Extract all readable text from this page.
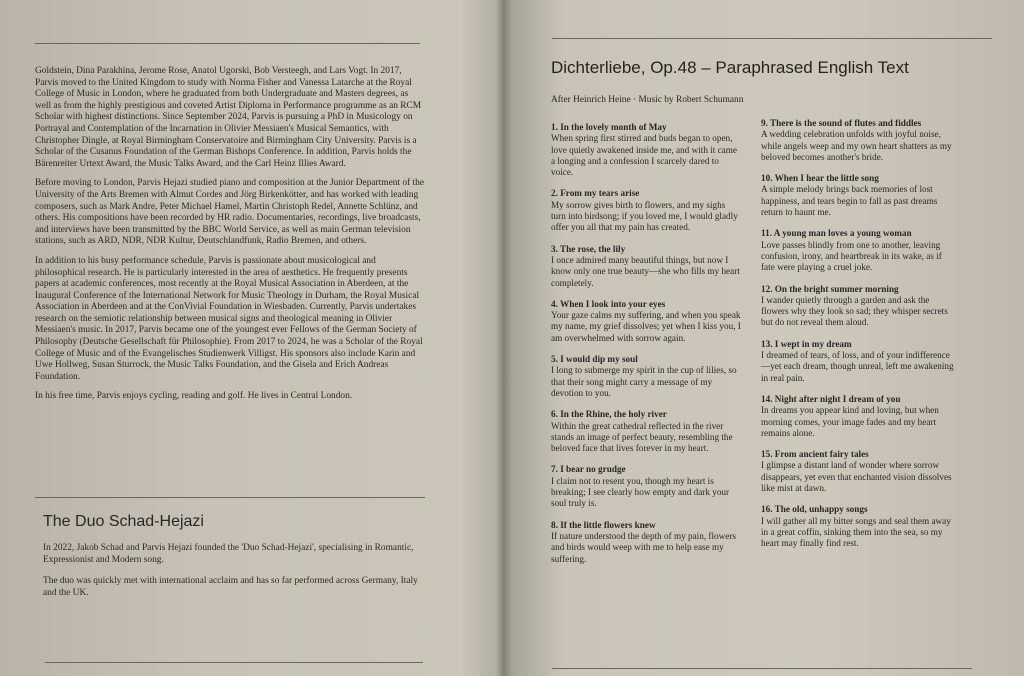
Goldstein, Dina Parakhina, Jerome Rose, Anatol Ugorski, Bob Versteegh, and Lars Vogt. In 2017, Parvis moved to the United Kingdom to study with Norma Fisher and Vanessa Latarche at the Royal College of Music in London, where he graduated from both Undergraduate and Masters degrees, as well as from the highly prestigious and coveted Artist Diploma in Performance programme as an RCM Scholar with highest distinctions. Since September 2024, Parvis is pursuing a PhD in Musicology on Portrayal and Contemplation of the Incarnation in Olivier Messiaen's Musical Semantics, with Christopher Dingle, at Royal Birmingham Conservatoire and Birmingham City University. Parvis is a Scholar of the Cusanus Foundation of the German Bishops Conference. In addition, Parvis holds the Bärenreiter Urtext Award, the Music Talks Award, and the Carl Heinz Illies Award.

Before moving to London, Parvis Hejazi studied piano and composition at the Junior Department of the University of the Arts Bremen with Almut Cordes and Jörg Birkenkötter, and has worked with leading composers, such as Mark Andre, Peter Michael Hamel, Martin Christoph Redel, Annette Schlünz, and others. His compositions have been recorded by HR radio. Documentaries, recordings, live broadcasts, and interviews have been transmitted by the BBC World Service, as well as main German television stations, such as ARD, NDR, NDR Kultur, Deutschlandfunk, Radio Bremen, and others.

In addition to his busy performance schedule, Parvis is passionate about musicological and philosophical research. He is particularly interested in the area of aesthetics. He frequently presents papers at academic conferences, most recently at the Royal Musical Association in Aberdeen, at the Inaugural Conference of the International Network for Music Theology in Durham, the Royal Musical Association in Aberdeen and at the ConVivial Foundation in Wiesbaden. Currently, Parvis undertakes research on the semiotic relationship between musical signs and theological meaning in Olivier Messiaen's music. In 2017, Parvis became one of the youngest ever Fellows of the German Society of Philosophy (Deutsche Gesellschaft für Philosophie). From 2017 to 2024, he was a Scholar of the Royal College of Music and of the Evangelisches Studienwerk Villigst. His sponsors also include Karin and Uwe Hollweg, Susan Sturrock, the Music Talks Foundation, and the Gisela and Erich Andreas Foundation.

In his free time, Parvis enjoys cycling, reading and golf. He lives in Central London.

The Duo Schad-Hejazi

In 2022, Jakob Schad and Parvis Hejazi founded the 'Duo Schad-Hejazi', specialising in Romantic, Expressionist and Modern song.

The duo was quickly met with international acclaim and has so far performed across Germany, Italy and the UK.

Dichterliebe, Op.48 – Paraphrased English Text
After Heinrich Heine · Music by Robert Schumann
1. In the lovely month of May
When spring first stirred and buds began to open, love quietly awakened inside me, and with it came a longing and a confession I scarcely dared to voice.
2. From my tears arise
My sorrow gives birth to flowers, and my sighs turn into birdsong; if you loved me, I would gladly offer you all that my pain has created.
3. The rose, the lily
I once admired many beautiful things, but now I know only one true beauty—she who fills my heart completely.
4. When I look into your eyes
Your gaze calms my suffering, and when you speak my name, my grief dissolves; yet when I kiss you, I am overwhelmed with sorrow again.
5. I would dip my soul
I long to submerge my spirit in the cup of lilies, so that their song might carry a message of my devotion to you.
6. In the Rhine, the holy river
Within the great cathedral reflected in the river stands an image of perfect beauty, resembling the beloved face that lives forever in my heart.
7. I bear no grudge
I claim not to resent you, though my heart is breaking; I see clearly how empty and dark your soul truly is.
8. If the little flowers knew
If nature understood the depth of my pain, flowers and birds would weep with me to help ease my suffering.
9. There is the sound of flutes and fiddles
A wedding celebration unfolds with joyful noise, while angels weep and my own heart shatters as my beloved becomes another's bride.
10. When I hear the little song
A simple melody brings back memories of lost happiness, and tears begin to fall as past dreams return to haunt me.
11. A young man loves a young woman
Love passes blindly from one to another, leaving confusion, irony, and heartbreak in its wake, as if fate were playing a cruel joke.
12. On the bright summer morning
I wander quietly through a garden and ask the flowers why they look so sad; they whisper secrets but do not reveal them aloud.
13. I wept in my dream
I dreamed of tears, of loss, and of your indifference—yet each dream, though unreal, left me awakening in real pain.
14. Night after night I dream of you
In dreams you appear kind and loving, but when morning comes, your image fades and my heart remains alone.
15. From ancient fairy tales
I glimpse a distant land of wonder where sorrow disappears, yet even that enchanted vision dissolves like mist at dawn.
16. The old, unhappy songs
I will gather all my bitter songs and seal them away in a great coffin, sinking them into the sea, so my heart may finally find rest.
